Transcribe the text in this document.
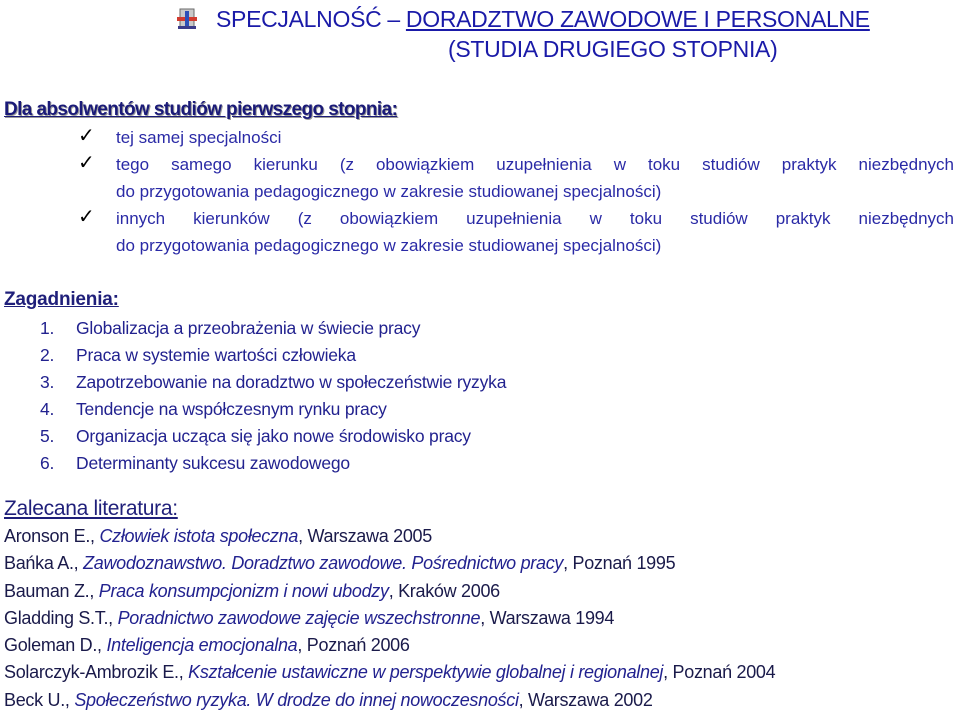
SPECJALNOŚĆ – DORADZTWO ZAWODOWE I PERSONALNE
(STUDIA DRUGIEGO STOPNIA)
Dla absolwentów studiów pierwszego stopnia:
✓ tej samej specjalności
✓ tego samego kierunku (z obowiązkiem uzupełnienia w toku studiów praktyk niezbędnych
do przygotowania pedagogicznego w zakresie studiowanej specjalności)
✓ innych kierunków (z obowiązkiem uzupełnienia w toku studiów praktyk niezbędnych
do przygotowania pedagogicznego w zakresie studiowanej specjalności)
Zagadnienia:
1.	Globalizacja a przeobrażenia w świecie pracy
2.	Praca w systemie wartości człowieka
3.	Zapotrzebowanie na doradztwo w społeczeństwie ryzyka
4.	Tendencje na współczesnym rynku pracy
5.	Organizacja ucząca się jako nowe środowisko pracy
6.	Determinanty sukcesu zawodowego
Zalecana literatura:
Aronson E., Człowiek istota społeczna, Warszawa 2005
Bańka A., Zawodoznawstwo. Doradztwo zawodowe. Pośrednictwo pracy, Poznań 1995
Bauman Z., Praca konsumpcjonizm i nowi ubodzy, Kraków 2006
Gladding S.T., Poradnictwo zawodowe zajęcie wszechstronne, Warszawa 1994
Goleman D., Inteligencja emocjonalna, Poznań 2006
Solarczyk-Ambrozik E., Kształcenie ustawiczne w perspektywie globalnej i regionalnej, Poznań 2004
Beck U., Społeczeństwo ryzyka. W drodze do innej nowoczesności, Warszawa 2002
